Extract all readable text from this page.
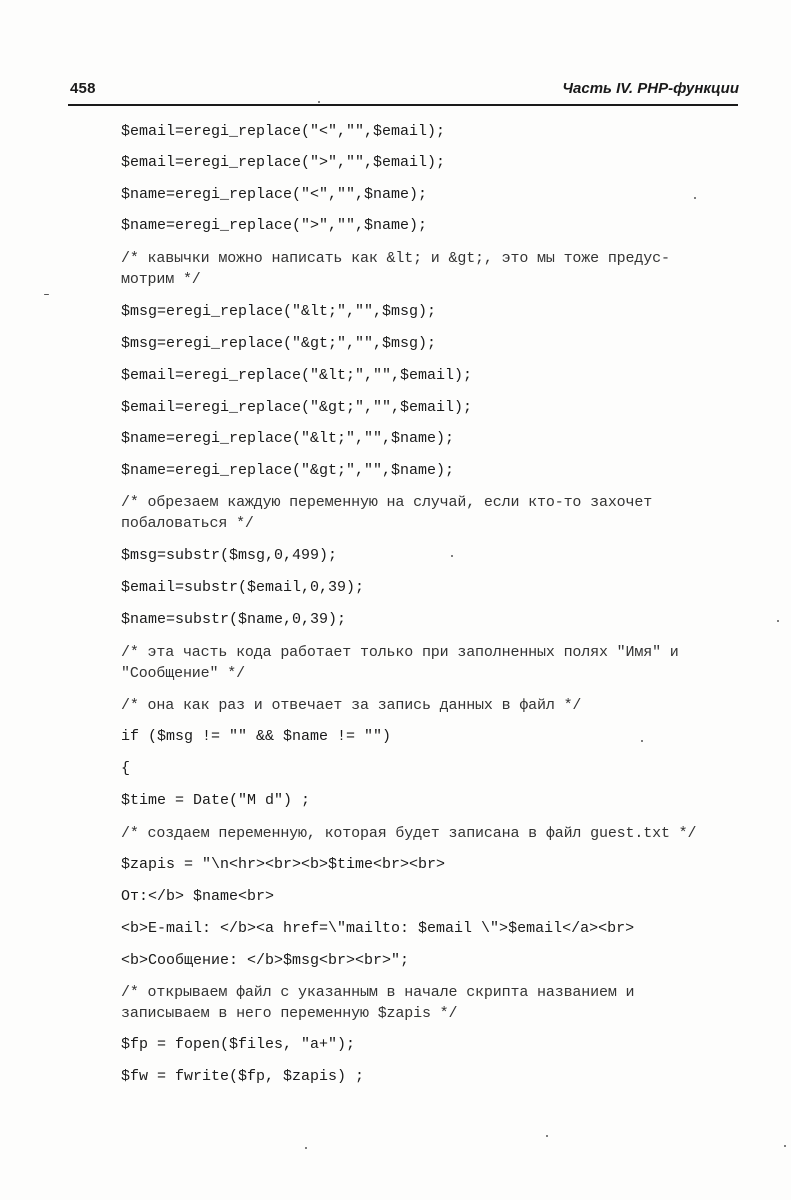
458	Часть IV. PHP-функции
$email=eregi_replace("<","",$email);
$email=eregi_replace(">","",$email);
$name=eregi_replace("<","",$name);
$name=eregi_replace(">","",$name);
/* кавычки можно написать как &lt; и &gt;, это мы тоже предус-
мотрим */
$msg=eregi_replace("&lt;","",$msg);
$msg=eregi_replace("&gt;","",$msg);
$email=eregi_replace("&lt;","",$email);
$email=eregi_replace("&gt;","",$email);
$name=eregi_replace("&lt;","",$name);
$name=eregi_replace("&gt;","",$name);
/* обрезаем каждую переменную на случай, если кто-то захочет
побаловаться */
$msg=substr($msg,0,499);
$email=substr($email,0,39);
$name=substr($name,0,39);
/* эта часть кода работает только при заполненных полях "Имя" и
"Сообщение" */
/* она как раз и отвечает за запись данных в файл */
if ($msg != "" && $name != "")
{
$time = Date("M d") ;
/* создаем переменную, которая будет записана в файл guest.txt */
$zapis = "\n<hr><br><b>$time<br><br>
От:</b> $name<br>
<b>E-mail: </b><a href=\"mailto: $email \">$email</a><br>
<b>Сообщение: </b>$msg<br><br>";
/* открываем файл с указанным в начале скрипта названием и
записываем в него переменную $zapis */
$fp = fopen($files, "a+");
$fw = fwrite($fp, $zapis) ;
